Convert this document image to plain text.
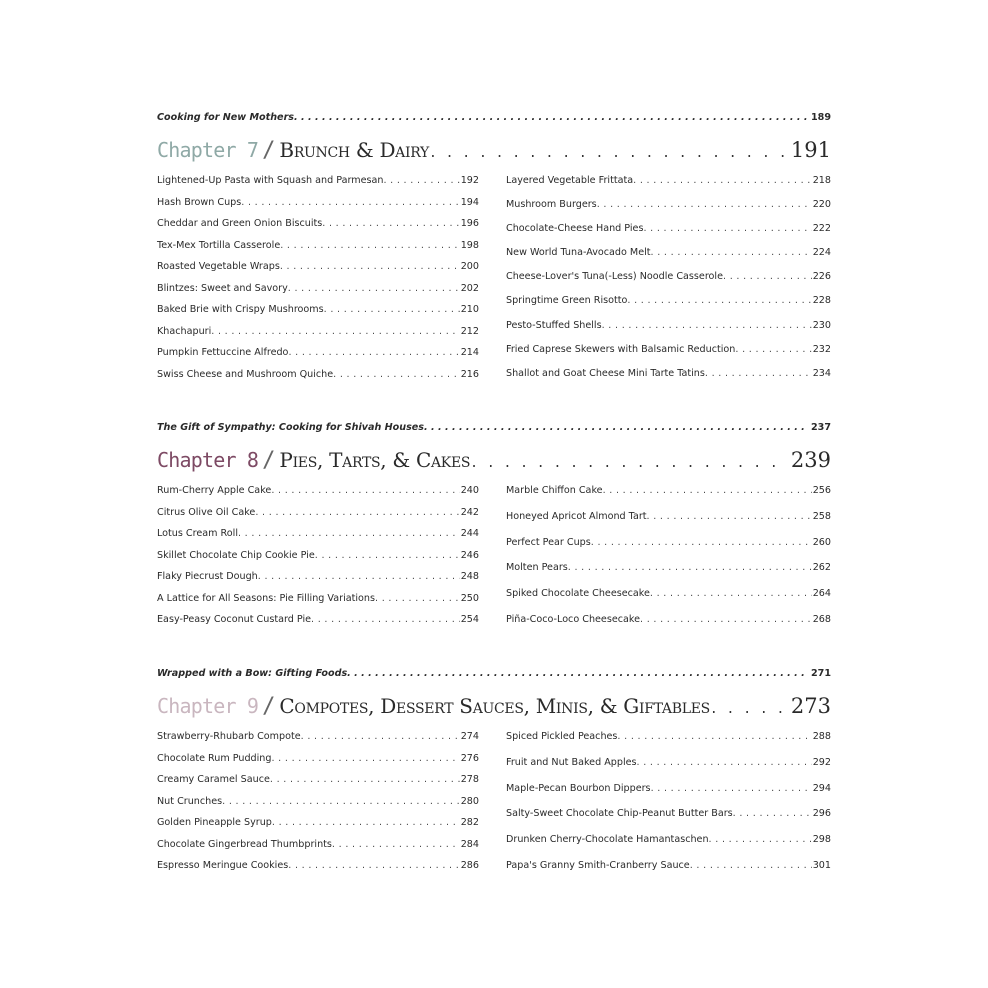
Cooking for New Mothers . . .	189
Chapter 7 / Brunch & Dairy . . .	191
Lightened-Up Pasta with Squash and Parmesan . . .	192
Hash Brown Cups . . .	194
Cheddar and Green Onion Biscuits . . .	196
Tex-Mex Tortilla Casserole . . .	198
Roasted Vegetable Wraps . . .	200
Blintzes: Sweet and Savory . . .	202
Baked Brie with Crispy Mushrooms . . .	210
Khachapuri . . .	212
Pumpkin Fettuccine Alfredo . . .	214
Swiss Cheese and Mushroom Quiche . . .	216
Layered Vegetable Frittata . . .	218
Mushroom Burgers . . .	220
Chocolate-Cheese Hand Pies . . .	222
New World Tuna-Avocado Melt . . .	224
Cheese-Lover's Tuna(-Less) Noodle Casserole . . .	226
Springtime Green Risotto . . .	228
Pesto-Stuffed Shells . . .	230
Fried Caprese Skewers with Balsamic Reduction . . .	232
Shallot and Goat Cheese Mini Tarte Tatins . . .	234
The Gift of Sympathy: Cooking for Shivah Houses . . .	237
Chapter 8 / Pies, Tarts, & Cakes . . .	239
Rum-Cherry Apple Cake . . .	240
Citrus Olive Oil Cake . . .	242
Lotus Cream Roll . . .	244
Skillet Chocolate Chip Cookie Pie . . .	246
Flaky Piecrust Dough . . .	248
A Lattice for All Seasons: Pie Filling Variations . . .	250
Easy-Peasy Coconut Custard Pie . . .	254
Marble Chiffon Cake . . .	256
Honeyed Apricot Almond Tart . . .	258
Perfect Pear Cups . . .	260
Molten Pears . . .	262
Spiked Chocolate Cheesecake . . .	264
Piña-Coco-Loco Cheesecake . . .	268
Wrapped with a Bow: Gifting Foods . . .	271
Chapter 9 / Compotes, Dessert Sauces, Minis, & Giftables . . .	273
Strawberry-Rhubarb Compote . . .	274
Chocolate Rum Pudding . . .	276
Creamy Caramel Sauce . . .	278
Nut Crunches . . .	280
Golden Pineapple Syrup . . .	282
Chocolate Gingerbread Thumbprints . . .	284
Espresso Meringue Cookies . . .	286
Spiced Pickled Peaches . . .	288
Fruit and Nut Baked Apples . . .	292
Maple-Pecan Bourbon Dippers . . .	294
Salty-Sweet Chocolate Chip-Peanut Butter Bars . . .	296
Drunken Cherry-Chocolate Hamantaschen . . .	298
Papa's Granny Smith-Cranberry Sauce . . .	301
